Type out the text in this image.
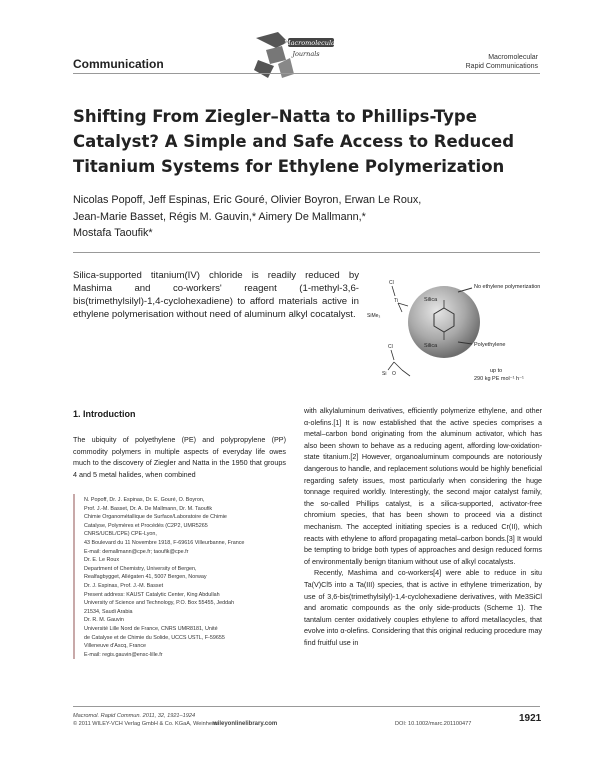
Communication
Macromolecular
Journals	Macromolecular
Rapid Communications
Shifting From Ziegler–Natta to Phillips-Type
Catalyst? A Simple and Safe Access to Reduced
Titanium Systems for Ethylene Polymerization
Nicolas Popoff, Jeff Espinas, Eric Gouré, Olivier Boyron, Erwan Le Roux,
Jean-Marie Basset, Régis M. Gauvin,* Aimery De Mallmann,*
Mostafa Taoufik*
Silica-supported titanium(IV) chloride is readily reduced by Mashima and co-workers' reagent (1-methyl-3,6-bis(trimethylsilyl)-1,4-cyclohexadiene) to afford materials active in ethylene polymerisation without need of aluminum alkyl cocatalyst.
Silica
Silica
Cl
Ti
SiMe₃
Cl
Si O
No ethylene polymerization
Polyethylene
up to
290 kg PE mol⁻¹ h⁻¹
1. Introduction
The ubiquity of polyethylene (PE) and polypropylene (PP) commodity polymers in multiple aspects of everyday life owes much to the discovery of Ziegler and Natta in the 1950 that groups 4 and 5 metal halides, when combined
N. Popoff, Dr. J. Espinas, Dr. E. Gouré, O. Boyron,
Prof. J.-M. Basset, Dr. A. De Mallmann, Dr. M. Taoufik
Chimie Organométallique de Surface/Laboratoire de Chimie
Catalyse, Polymères et Procédés (C2P2, UMR5265
CNRS/UCBL/CPE) CPE-Lyon,
43 Boulevard du 11 Novembre 1918, F-69616 Villeurbanne, France
E-mail: demallmann@cpe.fr; taoufik@cpe.fr
Dr. E. Le Roux
Department of Chemistry, University of Bergen,
Realfagbygget, Allégaten 41, 5007 Bergen, Norway
Dr. J. Espinas, Prof. J.-M. Basset
Present address: KAUST Catalytic Center, King Abdullah
University of Science and Technology, P.O. Box 55455, Jeddah
21534, Saudi Arabia
Dr. R. M. Gauvin
Université Lille Nord de France, CNRS UMR8181, Unité
de Catalyse et de Chimie du Solide, UCCS USTL, F-59655
Villeneuve d'Ascq, France
E-mail: regis.gauvin@ensc-lille.fr
with alkylaluminum derivatives, efficiently polymerize ethylene, and other α-olefins.[1] It is now established that the active species comprises a metal–carbon bond originating from the aluminum activator, which has also been shown to behave as a reducing agent, affording low-oxidation-state titanium.[2] However, organoaluminum compounds are notoriously dangerous to handle, and replacement solutions would be highly beneficial regarding safety issues, most particularly when considering the huge tonnage required worldly. Interestingly, the second major catalyst family, the so-called Phillips catalyst, is a silica-supported, activator-free chromium species, that has been shown to proceed via a distinct mechanism. The accepted initiating species is a reduced Cr(II), which reacts with ethylene to afford propagating metal–carbon bonds.[3] It would be tempting to bridge both types of approaches and design reduced forms of environmentally benign titanium without use of alkyl cocatalysts.
Recently, Mashima and co-workers[4] were able to reduce in situ Ta(V)Cl5 into a Ta(III) species, that is active in ethylene trimerization, by use of 3,6-bis(trimethylsilyl)-1,4-cyclohexadiene derivatives, with Me3SiCl and aromatic compounds as the only side-products (Scheme 1). The tantalum center oxidatively couples ethylene to afford metallacycles, that evolve into α-olefins. Considering that this original reducing procedure may find fruitful use in
Macromol. Rapid Commun. 2011, 32, 1921–1924
© 2011 WILEY-VCH Verlag GmbH & Co. KGaA, Weinheim
wileyonlinelibrary.com	DOI: 10.1002/marc.201100477	1921
